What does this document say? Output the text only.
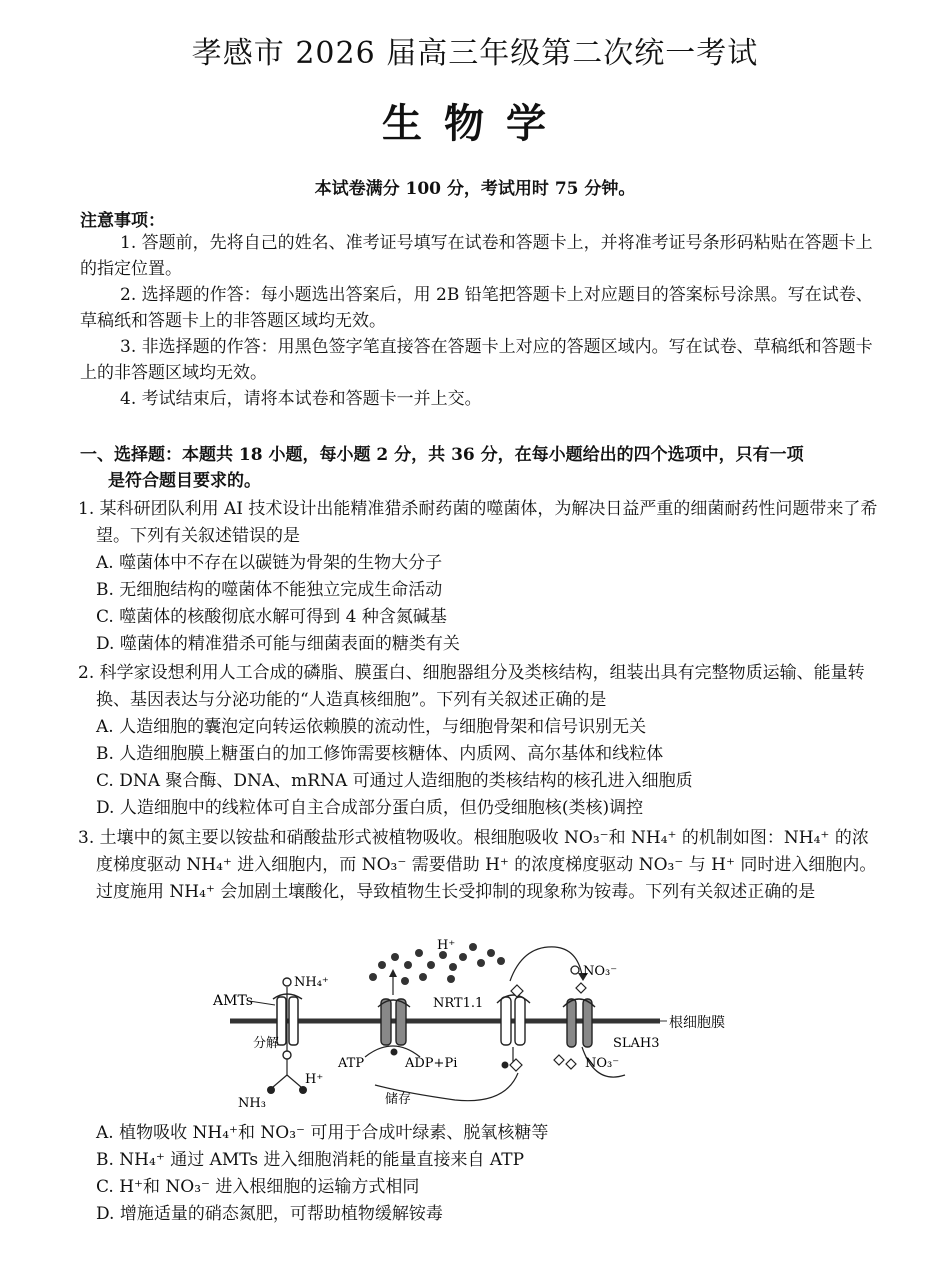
孝感市 2026 届高三年级第二次统一考试
生物学
本试卷满分 100 分，考试用时 75 分钟。
注意事项：

1. 答题前，先将自己的姓名、准考证号填写在试卷和答题卡上，并将准考证号条形码粘贴在答题卡上的指定位置。

2. 选择题的作答：每小题选出答案后，用 2B 铅笔把答题卡上对应题目的答案标号涂黑。写在试卷、草稿纸和答题卡上的非答题区域均无效。

3. 非选择题的作答：用黑色签字笔直接答在答题卡上对应的答题区域内。写在试卷、草稿纸和答题卡上的非答题区域均无效。

4. 考试结束后，请将本试卷和答题卡一并上交。

一、选择题：本题共 18 小题，每小题 2 分，共 36 分，在每小题给出的四个选项中，只有一项
是符合题目要求的。

1. 某科研团队利用 AI 技术设计出能精准猎杀耐药菌的噬菌体，为解决日益严重的细菌耐药性问题带来了希望。下列有关叙述错误的是

A. 噬菌体中不存在以碳链为骨架的生物大分子

B. 无细胞结构的噬菌体不能独立完成生命活动

C. 噬菌体的核酸彻底水解可得到 4 种含氮碱基

D. 噬菌体的精准猎杀可能与细菌表面的糖类有关

2. 科学家设想利用人工合成的磷脂、膜蛋白、细胞器组分及类核结构，组装出具有完整物质运输、能量转换、基因表达与分泌功能的“人造真核细胞”。下列有关叙述正确的是

A. 人造细胞的囊泡定向转运依赖膜的流动性，与细胞骨架和信号识别无关

B. 人造细胞膜上糖蛋白的加工修饰需要核糖体、内质网、高尔基体和线粒体

C. DNA 聚合酶、DNA、mRNA 可通过人造细胞的类核结构的核孔进入细胞质

D. 人造细胞中的线粒体可自主合成部分蛋白质，但仍受细胞核(类核)调控

3. 土壤中的氮主要以铵盐和硝酸盐形式被植物吸收。根细胞吸收 NO₃⁻和 NH₄⁺ 的机制如图：NH₄⁺ 的浓度梯度驱动 NH₄⁺ 进入细胞内，而 NO₃⁻ 需要借助 H⁺ 的浓度梯度驱动 NO₃⁻ 与 H⁺ 同时进入细胞内。过度施用 NH₄⁺ 会加剧土壤酸化，导致植物生长受抑制的现象称为铵毒。下列有关叙述正确的是

根细胞膜
AMTs
NH₄⁺
分解
NH₃
H⁺
ATP	ADP+Pi
H⁺
NRT1.1
储存
NO₃⁻
SLAH3
NO₃⁻

A. 植物吸收 NH₄⁺和 NO₃⁻ 可用于合成叶绿素、脱氧核糖等

B. NH₄⁺ 通过 AMTs 进入细胞消耗的能量直接来自 ATP

C. H⁺和 NO₃⁻ 进入根细胞的运输方式相同

D. 增施适量的硝态氮肥，可帮助植物缓解铵毒
